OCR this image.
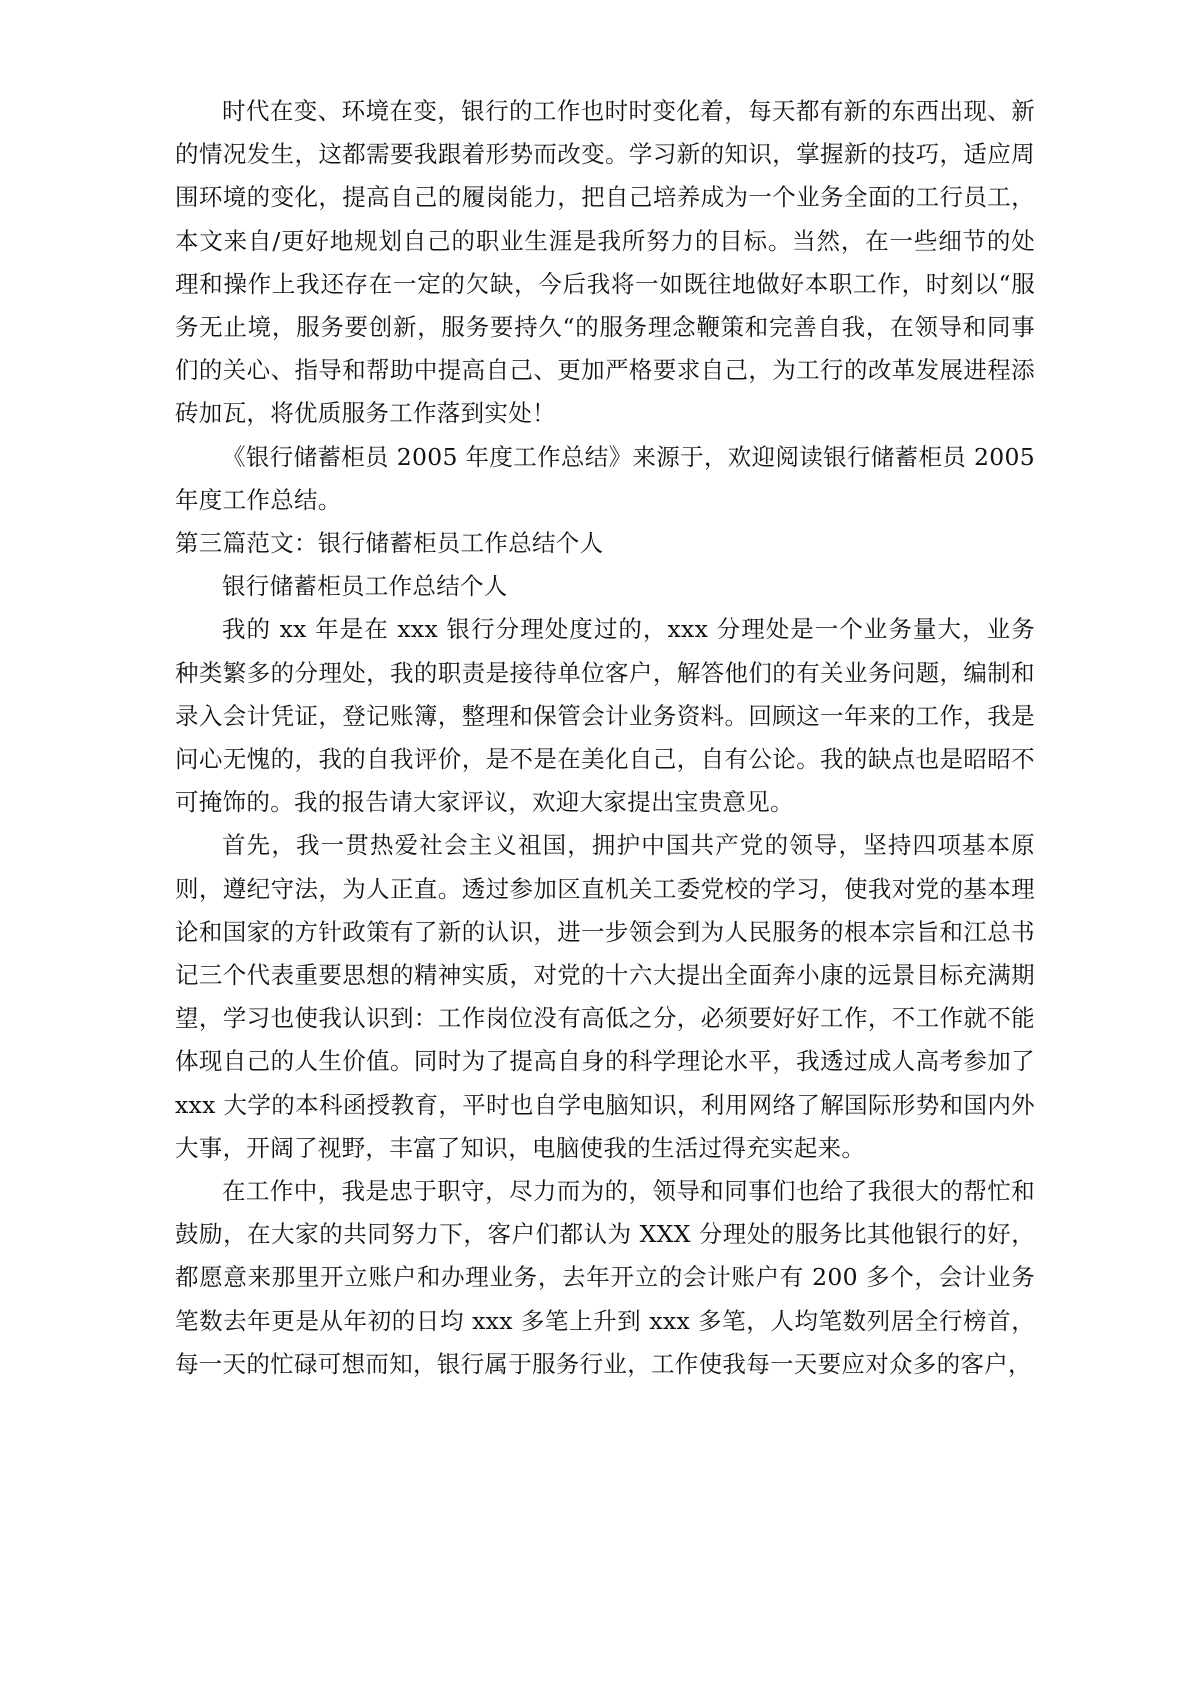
时代在变、环境在变，银行的工作也时时变化着，每天都有新的东西出现、新的情况发生，这都需要我跟着形势而改变。学习新的知识，掌握新的技巧，适应周围环境的变化，提高自己的履岗能力，把自己培养成为一个业务全面的工行员工，本文来自/更好地规划自己的职业生涯是我所努力的目标。当然，在一些细节的处理和操作上我还存在一定的欠缺，今后我将一如既往地做好本职工作，时刻以“服务无止境，服务要创新，服务要持久“的服务理念鞭策和完善自我，在领导和同事们的关心、指导和帮助中提高自己、更加严格要求自己，为工行的改革发展进程添砖加瓦，将优质服务工作落到实处！

《银行储蓄柜员 2005 年度工作总结》来源于，欢迎阅读银行储蓄柜员 2005 年度工作总结。

第三篇范文：银行储蓄柜员工作总结个人

银行储蓄柜员工作总结个人

我的 xx 年是在 xxx 银行分理处度过的，xxx 分理处是一个业务量大，业务种类繁多的分理处，我的职责是接待单位客户，解答他们的有关业务问题，编制和录入会计凭证，登记账簿，整理和保管会计业务资料。回顾这一年来的工作，我是问心无愧的，我的自我评价，是不是在美化自己，自有公论。我的缺点也是昭昭不可掩饰的。我的报告请大家评议，欢迎大家提出宝贵意见。

首先，我一贯热爱社会主义祖国，拥护中国共产党的领导，坚持四项基本原则，遵纪守法，为人正直。透过参加区直机关工委党校的学习，使我对党的基本理论和国家的方针政策有了新的认识，进一步领会到为人民服务的根本宗旨和江总书记三个代表重要思想的精神实质，对党的十六大提出全面奔小康的远景目标充满期望，学习也使我认识到：工作岗位没有高低之分，必须要好好工作，不工作就不能体现自己的人生价值。同时为了提高自身的科学理论水平，我透过成人高考参加了 xxx 大学的本科函授教育，平时也自学电脑知识，利用网络了解国际形势和国内外大事，开阔了视野，丰富了知识，电脑使我的生活过得充实起来。

在工作中，我是忠于职守，尽力而为的，领导和同事们也给了我很大的帮忙和鼓励，在大家的共同努力下，客户们都认为 XXX 分理处的服务比其他银行的好，都愿意来那里开立账户和办理业务，去年开立的会计账户有 200 多个，会计业务笔数去年更是从年初的日均 xxx 多笔上升到 xxx 多笔，人均笔数列居全行榜首，每一天的忙碌可想而知，银行属于服务行业，工作使我每一天要应对众多的客户，
